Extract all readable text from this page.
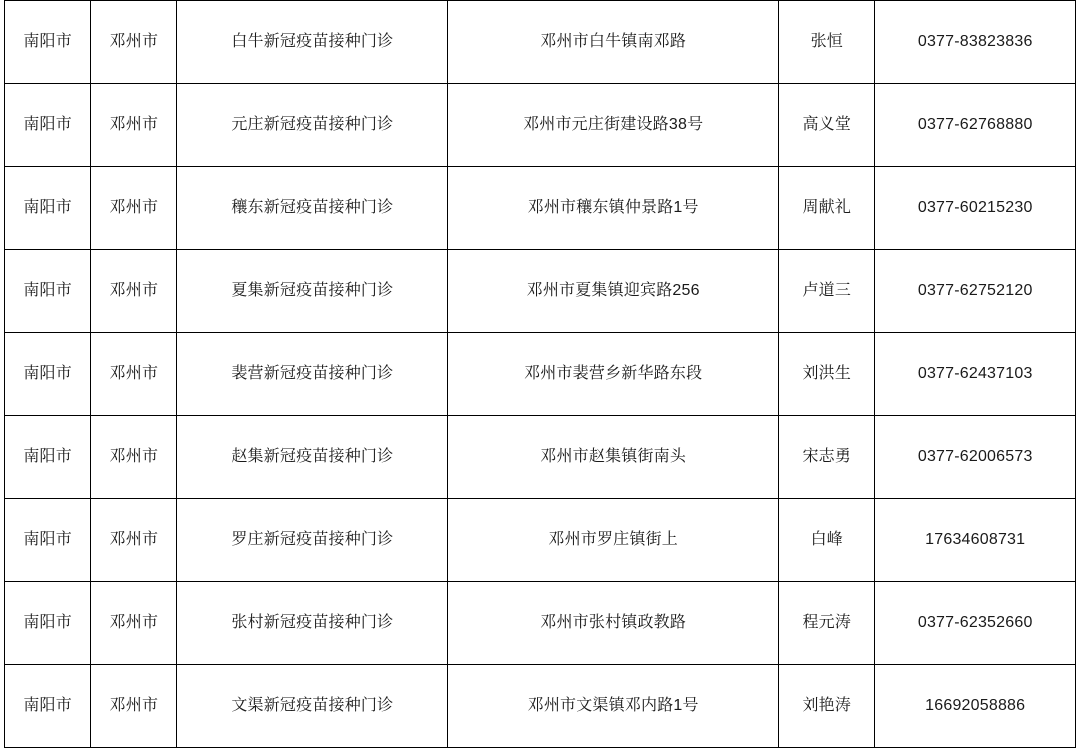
南阳市	邓州市	白牛新冠疫苗接种门诊	邓州市白牛镇南邓路	张恒	0377-83823836
南阳市	邓州市	元庄新冠疫苗接种门诊	邓州市元庄街建设路38号	高义堂	0377-62768880
南阳市	邓州市	穰东新冠疫苗接种门诊	邓州市穰东镇仲景路1号	周献礼	0377-60215230
南阳市	邓州市	夏集新冠疫苗接种门诊	邓州市夏集镇迎宾路256	卢道三	0377-62752120
南阳市	邓州市	裴营新冠疫苗接种门诊	邓州市裴营乡新华路东段	刘洪生	0377-62437103
南阳市	邓州市	赵集新冠疫苗接种门诊	邓州市赵集镇街南头	宋志勇	0377-62006573
南阳市	邓州市	罗庄新冠疫苗接种门诊	邓州市罗庄镇街上	白峰	17634608731
南阳市	邓州市	张村新冠疫苗接种门诊	邓州市张村镇政教路	程元涛	0377-62352660
南阳市	邓州市	文渠新冠疫苗接种门诊	邓州市文渠镇邓内路1号	刘艳涛	16692058886
